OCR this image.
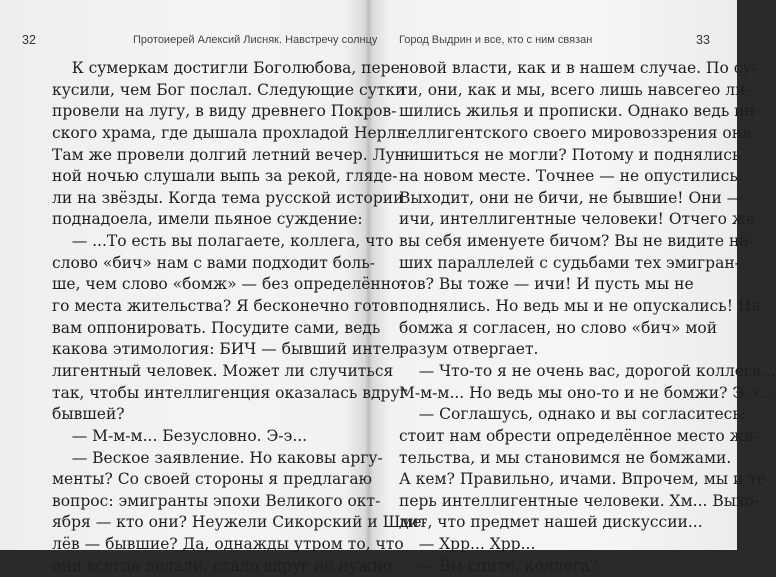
32	Протоиерей Алексий Лисняк. Навстречу солнцу
К сумеркам достигли Боголюбова, пере-
кусили, чем Бог послал. Следующие сутки
провели на лугу, в виду древнего Покров-
ского храма, где дышала прохладой Нерль.
Там же провели долгий летний вечер. Лун-
ной ночью слушали выпь за рекой, гляде-
ли на звёзды. Когда тема русской истории
поднадоела, имели пьяное суждение:
— ...То есть вы полагаете, коллега, что
слово «бич» нам с вами подходит боль-
ше, чем слово «бомж» — без определённо-
го места жительства? Я бесконечно готов
вам оппонировать. Посудите сами, ведь
какова этимология: БИЧ — бывший интел-
лигентный человек. Может ли случиться
так, чтобы интеллигенция оказалась вдруг
бывшей?
— М-м-м... Безусловно. Э-э...
— Веское заявление. Но каковы аргу-
менты? Со своей стороны я предлагаю
вопрос: эмигранты эпохи Великого окт-
ября — кто они? Неужели Сикорский и Шме-
лёв — бывшие? Да, однажды утром то, что
они всегда делали, стало вдруг не нужно
Город Выдрин и все, кто с ним связан	33
новой власти, как и в нашем случае. По су-
ти, они, как и мы, всего лишь навсегео ли-
шились жилья и прописки. Однако ведь ин-
теллигентского своего мировоззрения они
лишиться не могли? Потому и поднялись
на новом месте. Точнее — не опустились.
Выходит, они не бичи, не бывшие! Они —
ичи, интеллигентные человеки! Отчего же
вы себя именуете бичом? Вы не видите на-
ших параллелей с судьбами тех эмигран-
тов? Вы тоже — ичи! И пусть мы не
поднялись. Но ведь мы и не опускались! На
бомжа я согласен, но слово «бич» мой
разум отвергает.
— Что-то я не очень вас, дорогой коллега...
М-м-м... Но ведь мы оно-то и не бомжи? Э-э...
— Соглашусь, однако и вы согласитесь:
стоит нам обрести определённое место жи-
тельства, и мы становимся не бомжами.
А кем? Правильно, ичами. Впрочем, мы и те-
перь интеллигентные человеки. Хм... Выхо-
дит, что предмет нашей дискуссии...
— Хрр... Хрр...
— Вы спите, коллега?
